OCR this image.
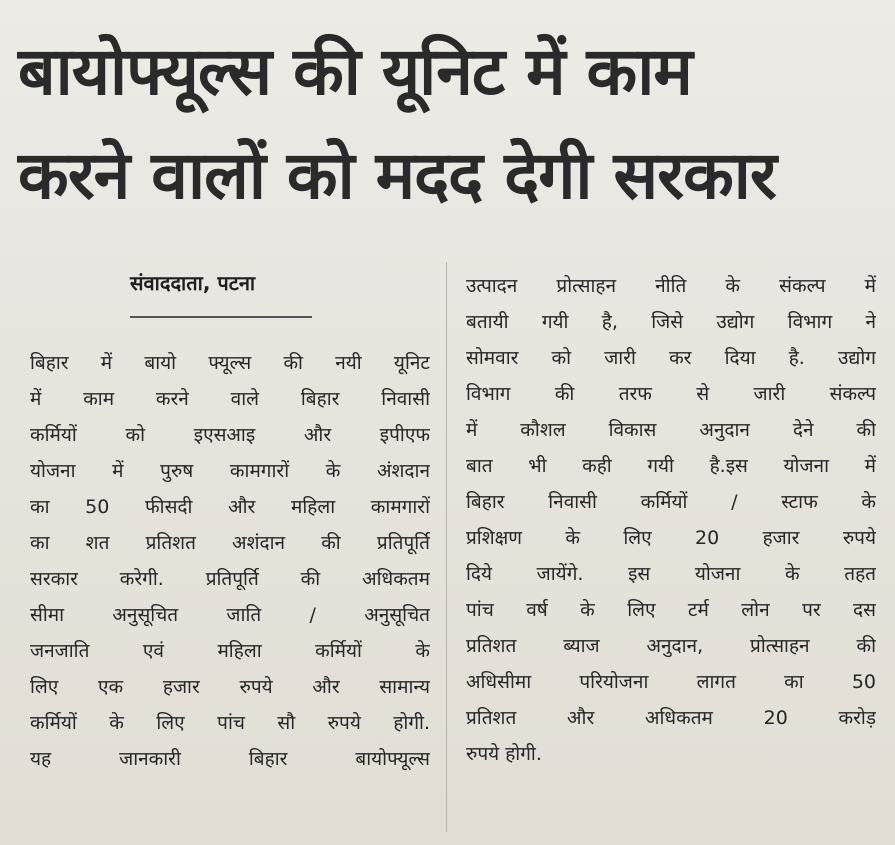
बायोफ्यूल्स की यूनिट में काम
करने वालों को मदद देगी सरकार
संवाददाता, पटना
बिहार में बायो फ्यूल्स की नयी यूनिट
में काम करने वाले बिहार निवासी
कर्मियों को इएसआइ और इपीएफ
योजना में पुरुष कामगारों के अंशदान
का 50 फीसदी और महिला कामगारों
का शत प्रतिशत अशंदान की प्रतिपूर्ति
सरकार करेगी. प्रतिपूर्ति की अधिकतम
सीमा अनुसूचित जाति / अनुसूचित
जनजाति एवं महिला कर्मियों के
लिए एक हजार रुपये और सामान्य
कर्मियों के लिए पांच सौ रुपये होगी.
यह जानकारी बिहार बायोफ्यूल्स
उत्पादन प्रोत्साहन नीति के संकल्प में
बतायी गयी है, जिसे उद्योग विभाग ने
सोमवार को जारी कर दिया है. उद्योग
विभाग की तरफ से जारी संकल्प
में कौशल विकास अनुदान देने की
बात भी कही गयी है.इस योजना में
बिहार निवासी कर्मियों / स्टाफ के
प्रशिक्षण के लिए 20 हजार रुपये
दिये जायेंगे. इस योजना के तहत
पांच वर्ष के लिए टर्म लोन पर दस
प्रतिशत ब्याज अनुदान, प्रोत्साहन की
अधिसीमा परियोजना लागत का 50
प्रतिशत और अधिकतम 20 करोड़
रुपये होगी.
